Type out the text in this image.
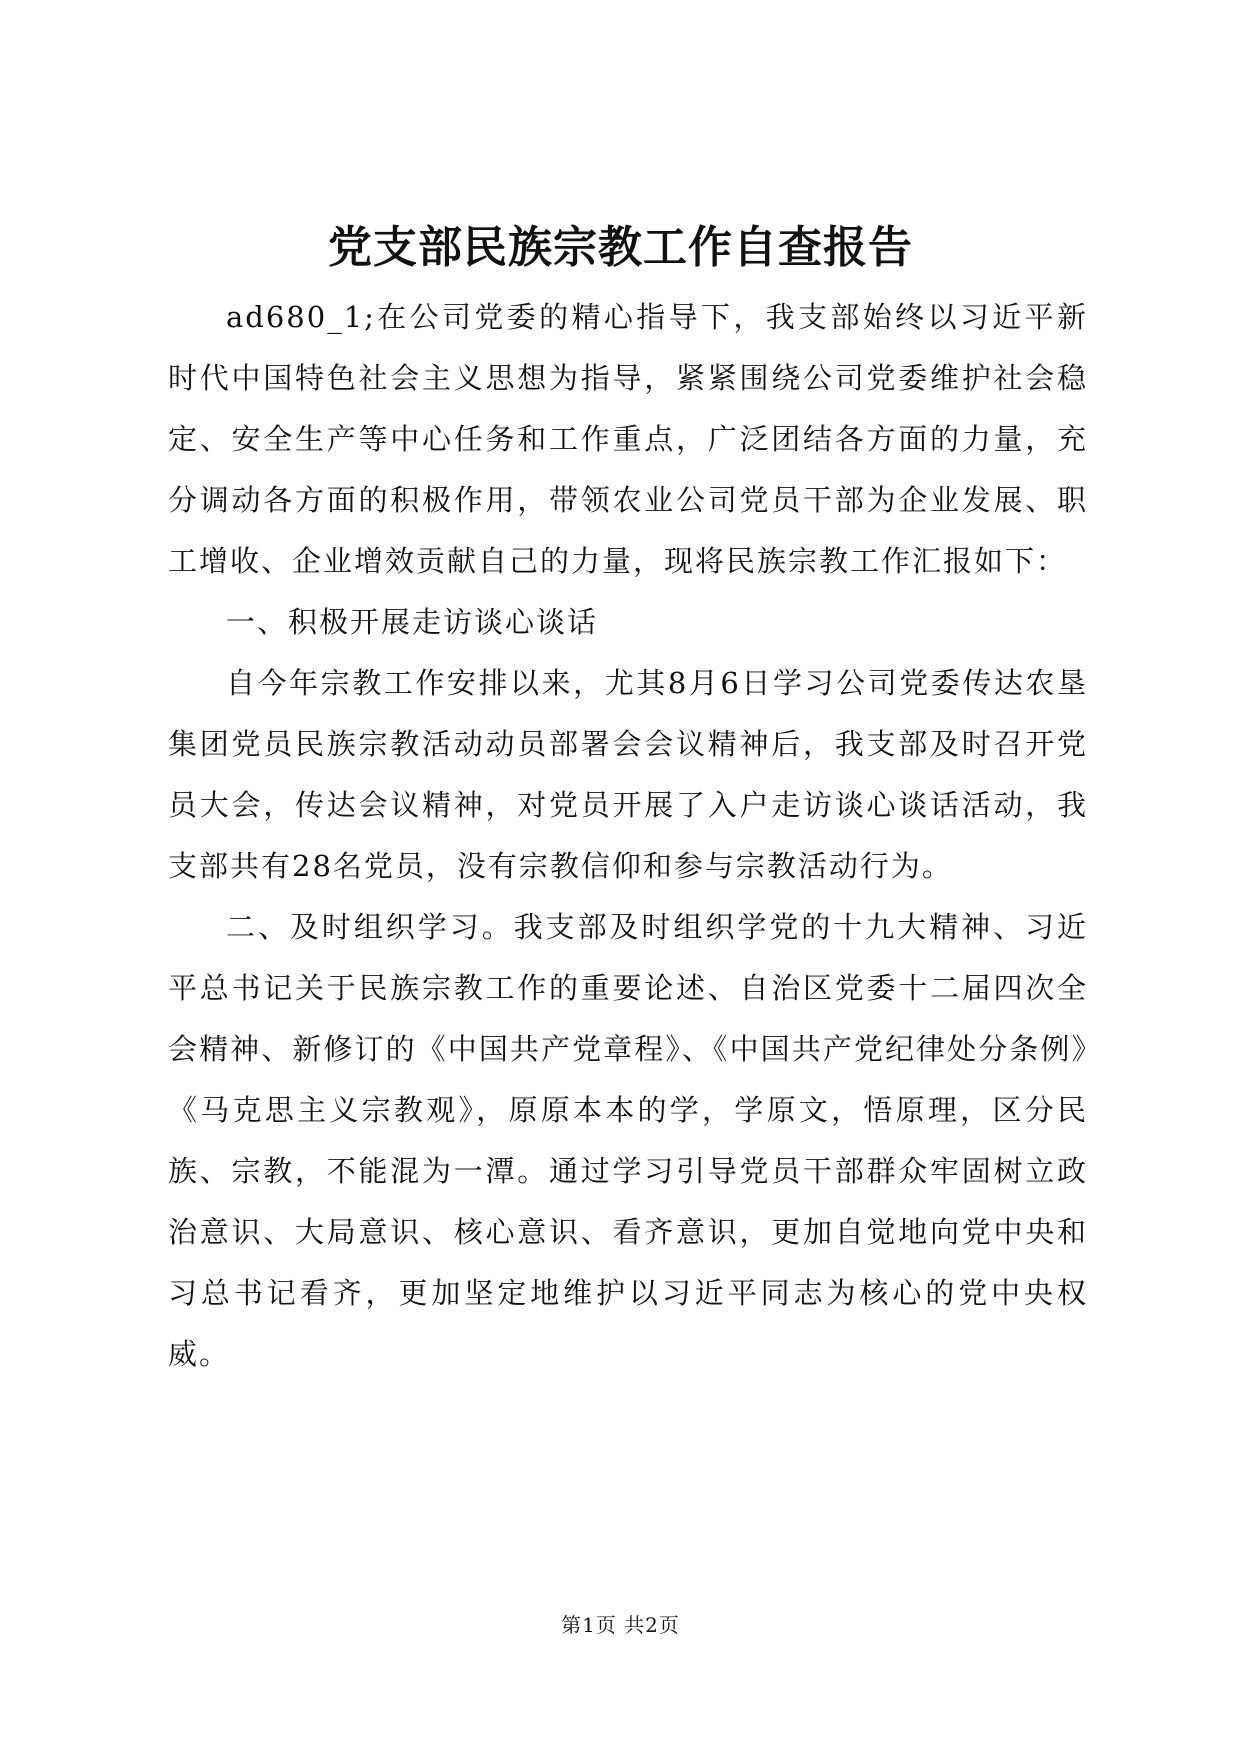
党支部民族宗教工作自查报告

ad680_1;在公司党委的精心指导下，我支部始终以习近平新时代中国特色社会主义思想为指导，紧紧围绕公司党委维护社会稳定、安全生产等中心任务和工作重点，广泛团结各方面的力量，充分调动各方面的积极作用，带领农业公司党员干部为企业发展、职工增收、企业增效贡献自己的力量，现将民族宗教工作汇报如下：

一、积极开展走访谈心谈话

自今年宗教工作安排以来，尤其8月6日学习公司党委传达农垦集团党员民族宗教活动动员部署会会议精神后，我支部及时召开党员大会，传达会议精神，对党员开展了入户走访谈心谈话活动，我支部共有28名党员，没有宗教信仰和参与宗教活动行为。

二、及时组织学习。我支部及时组织学党的十九大精神、习近平总书记关于民族宗教工作的重要论述、自治区党委十二届四次全会精神、新修订的《中国共产党章程》、《中国共产党纪律处分条例》《马克思主义宗教观》，原原本本的学，学原文，悟原理，区分民族、宗教，不能混为一潭。通过学习引导党员干部群众牢固树立政治意识、大局意识、核心意识、看齐意识，更加自觉地向党中央和习总书记看齐，更加坚定地维护以习近平同志为核心的党中央权威。

第1页 共2页
